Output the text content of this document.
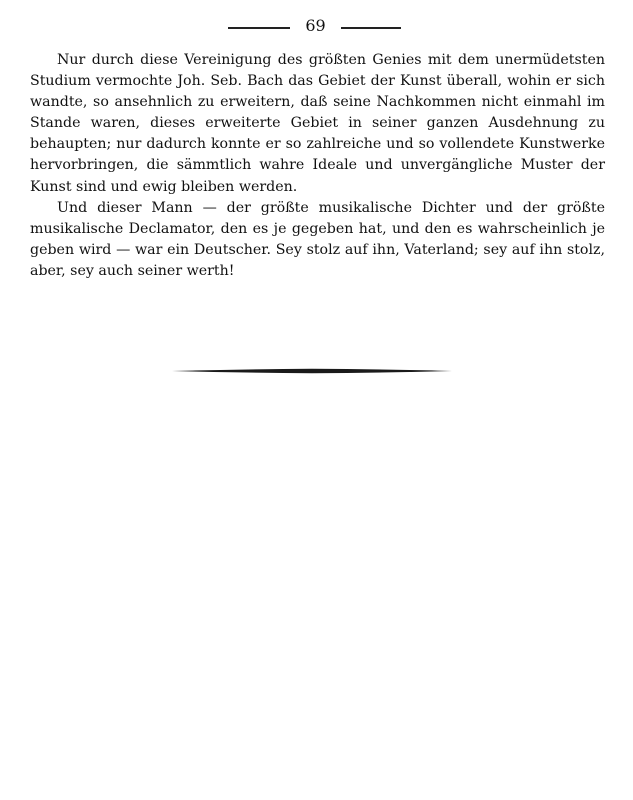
69

Nur durch diese Vereinigung des größten Genies mit dem unermüdetsten Studium vermochte Joh. Seb. Bach das Gebiet der Kunst überall, wohin er sich wandte, so ansehnlich zu erweitern, daß seine Nachkommen nicht einmahl im Stande waren, dieses erweiterte Gebiet in seiner ganzen Ausdehnung zu behaupten; nur dadurch konnte er so zahlreiche und so vollendete Kunstwerke hervorbringen, die sämmtlich wahre Ideale und unvergängliche Muster der Kunst sind und ewig bleiben werden.

Und dieser Mann — der größte musikalische Dichter und der größte musikalische Declamator, den es je gegeben hat, und den es wahrscheinlich je geben wird — war ein Deutscher. Sey stolz auf ihn, Vaterland; sey auf ihn stolz, aber, sey auch seiner werth!
